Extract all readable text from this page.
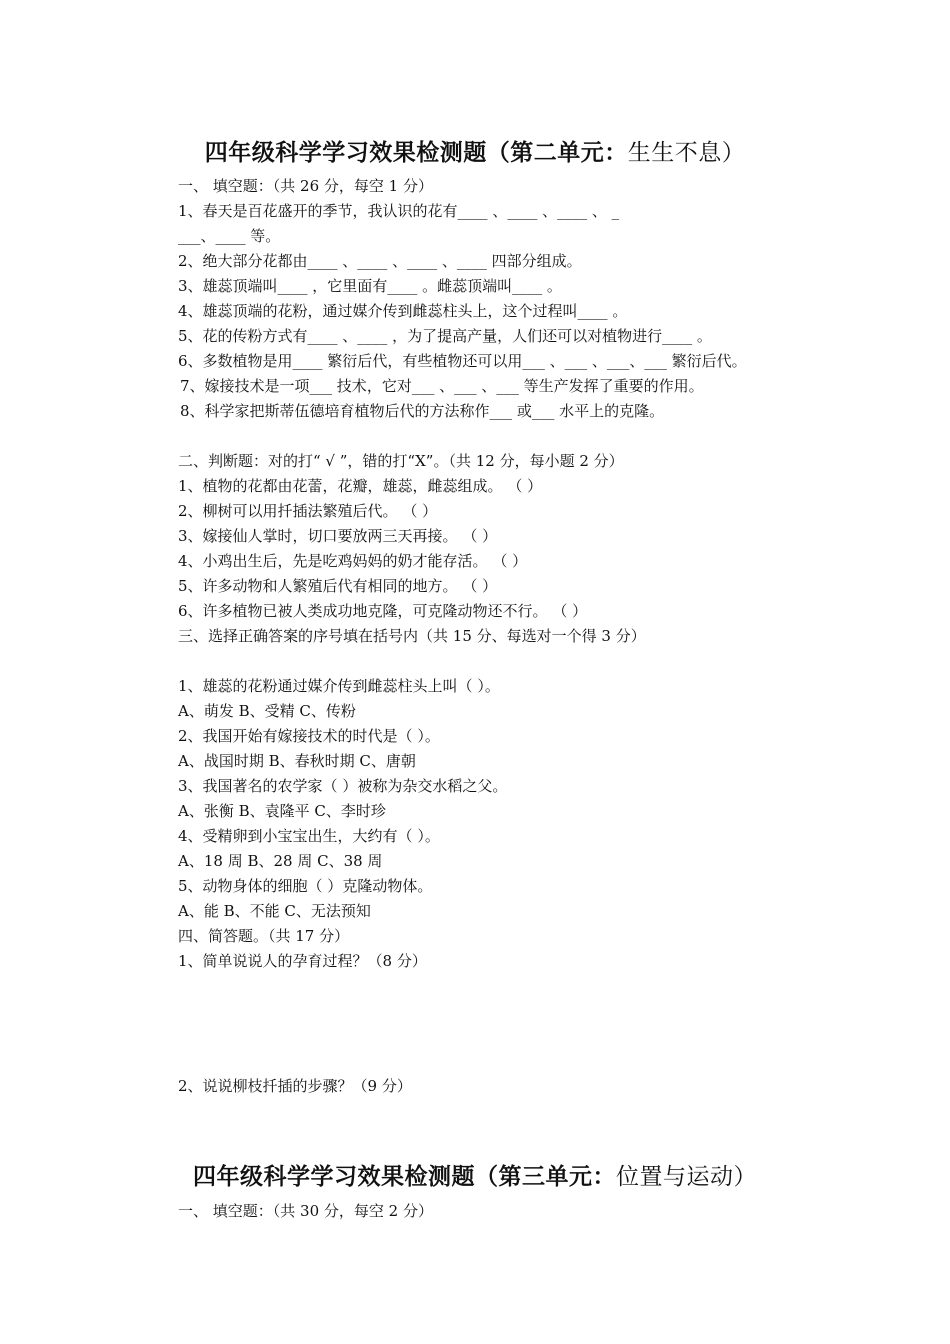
四年级科学学习效果检测题（第二单元：生生不息）
一、 填空题：（共 26 分，每空 1 分）
1、春天是百花盛开的季节，我认识的花有____ 、____ 、____ 、 _
___、____ 等。
2、绝大部分花都由____ 、____ 、____ 、____ 四部分组成。
3、雄蕊顶端叫____ ，它里面有____ 。雌蕊顶端叫____ 。
4、雄蕊顶端的花粉，通过媒介传到雌蕊柱头上，这个过程叫____ 。
5、花的传粉方式有____ 、____ ，为了提高产量，人们还可以对植物进行____ 。
6、多数植物是用____ 繁衍后代，有些植物还可以用___ 、___ 、___、___ 繁衍后代。
7、嫁接技术是一项___ 技术，它对___ 、___ 、___ 等生产发挥了重要的作用。
8、科学家把斯蒂伍德培育植物后代的方法称作___ 或___ 水平上的克隆。
二、判断题：对的打“ √ ”，错的打“X”。（共 12 分，每小题 2 分）
1、植物的花都由花蕾，花瓣，雄蕊，雌蕊组成。 （ ）
2、柳树可以用扦插法繁殖后代。 （ ）
3、嫁接仙人掌时，切口要放两三天再接。 （ ）
4、小鸡出生后，先是吃鸡妈妈的奶才能存活。 （ ）
5、许多动物和人繁殖后代有相同的地方。 （ ）
6、许多植物已被人类成功地克隆，可克隆动物还不行。 （ ）
三、选择正确答案的序号填在括号内（共 15 分、每选对一个得 3 分）
1、雄蕊的花粉通过媒介传到雌蕊柱头上叫（ ）。
A、萌发 B、受精 C、传粉
2、我国开始有嫁接技术的时代是（ ）。
A、战国时期 B、春秋时期 C、唐朝
3、我国著名的农学家（ ）被称为杂交水稻之父。
A、张衡 B、袁隆平 C、李时珍
4、受精卵到小宝宝出生，大约有（ ）。
A、18 周 B、28 周 C、38 周
5、动物身体的细胞（ ）克隆动物体。
A、能 B、不能 C、无法预知
四、简答题。（共 17 分）
1、简单说说人的孕育过程？（8 分）
2、说说柳枝扦插的步骤？（9 分）
四年级科学学习效果检测题（第三单元：位置与运动）
一、 填空题：（共 30 分，每空 2 分）
